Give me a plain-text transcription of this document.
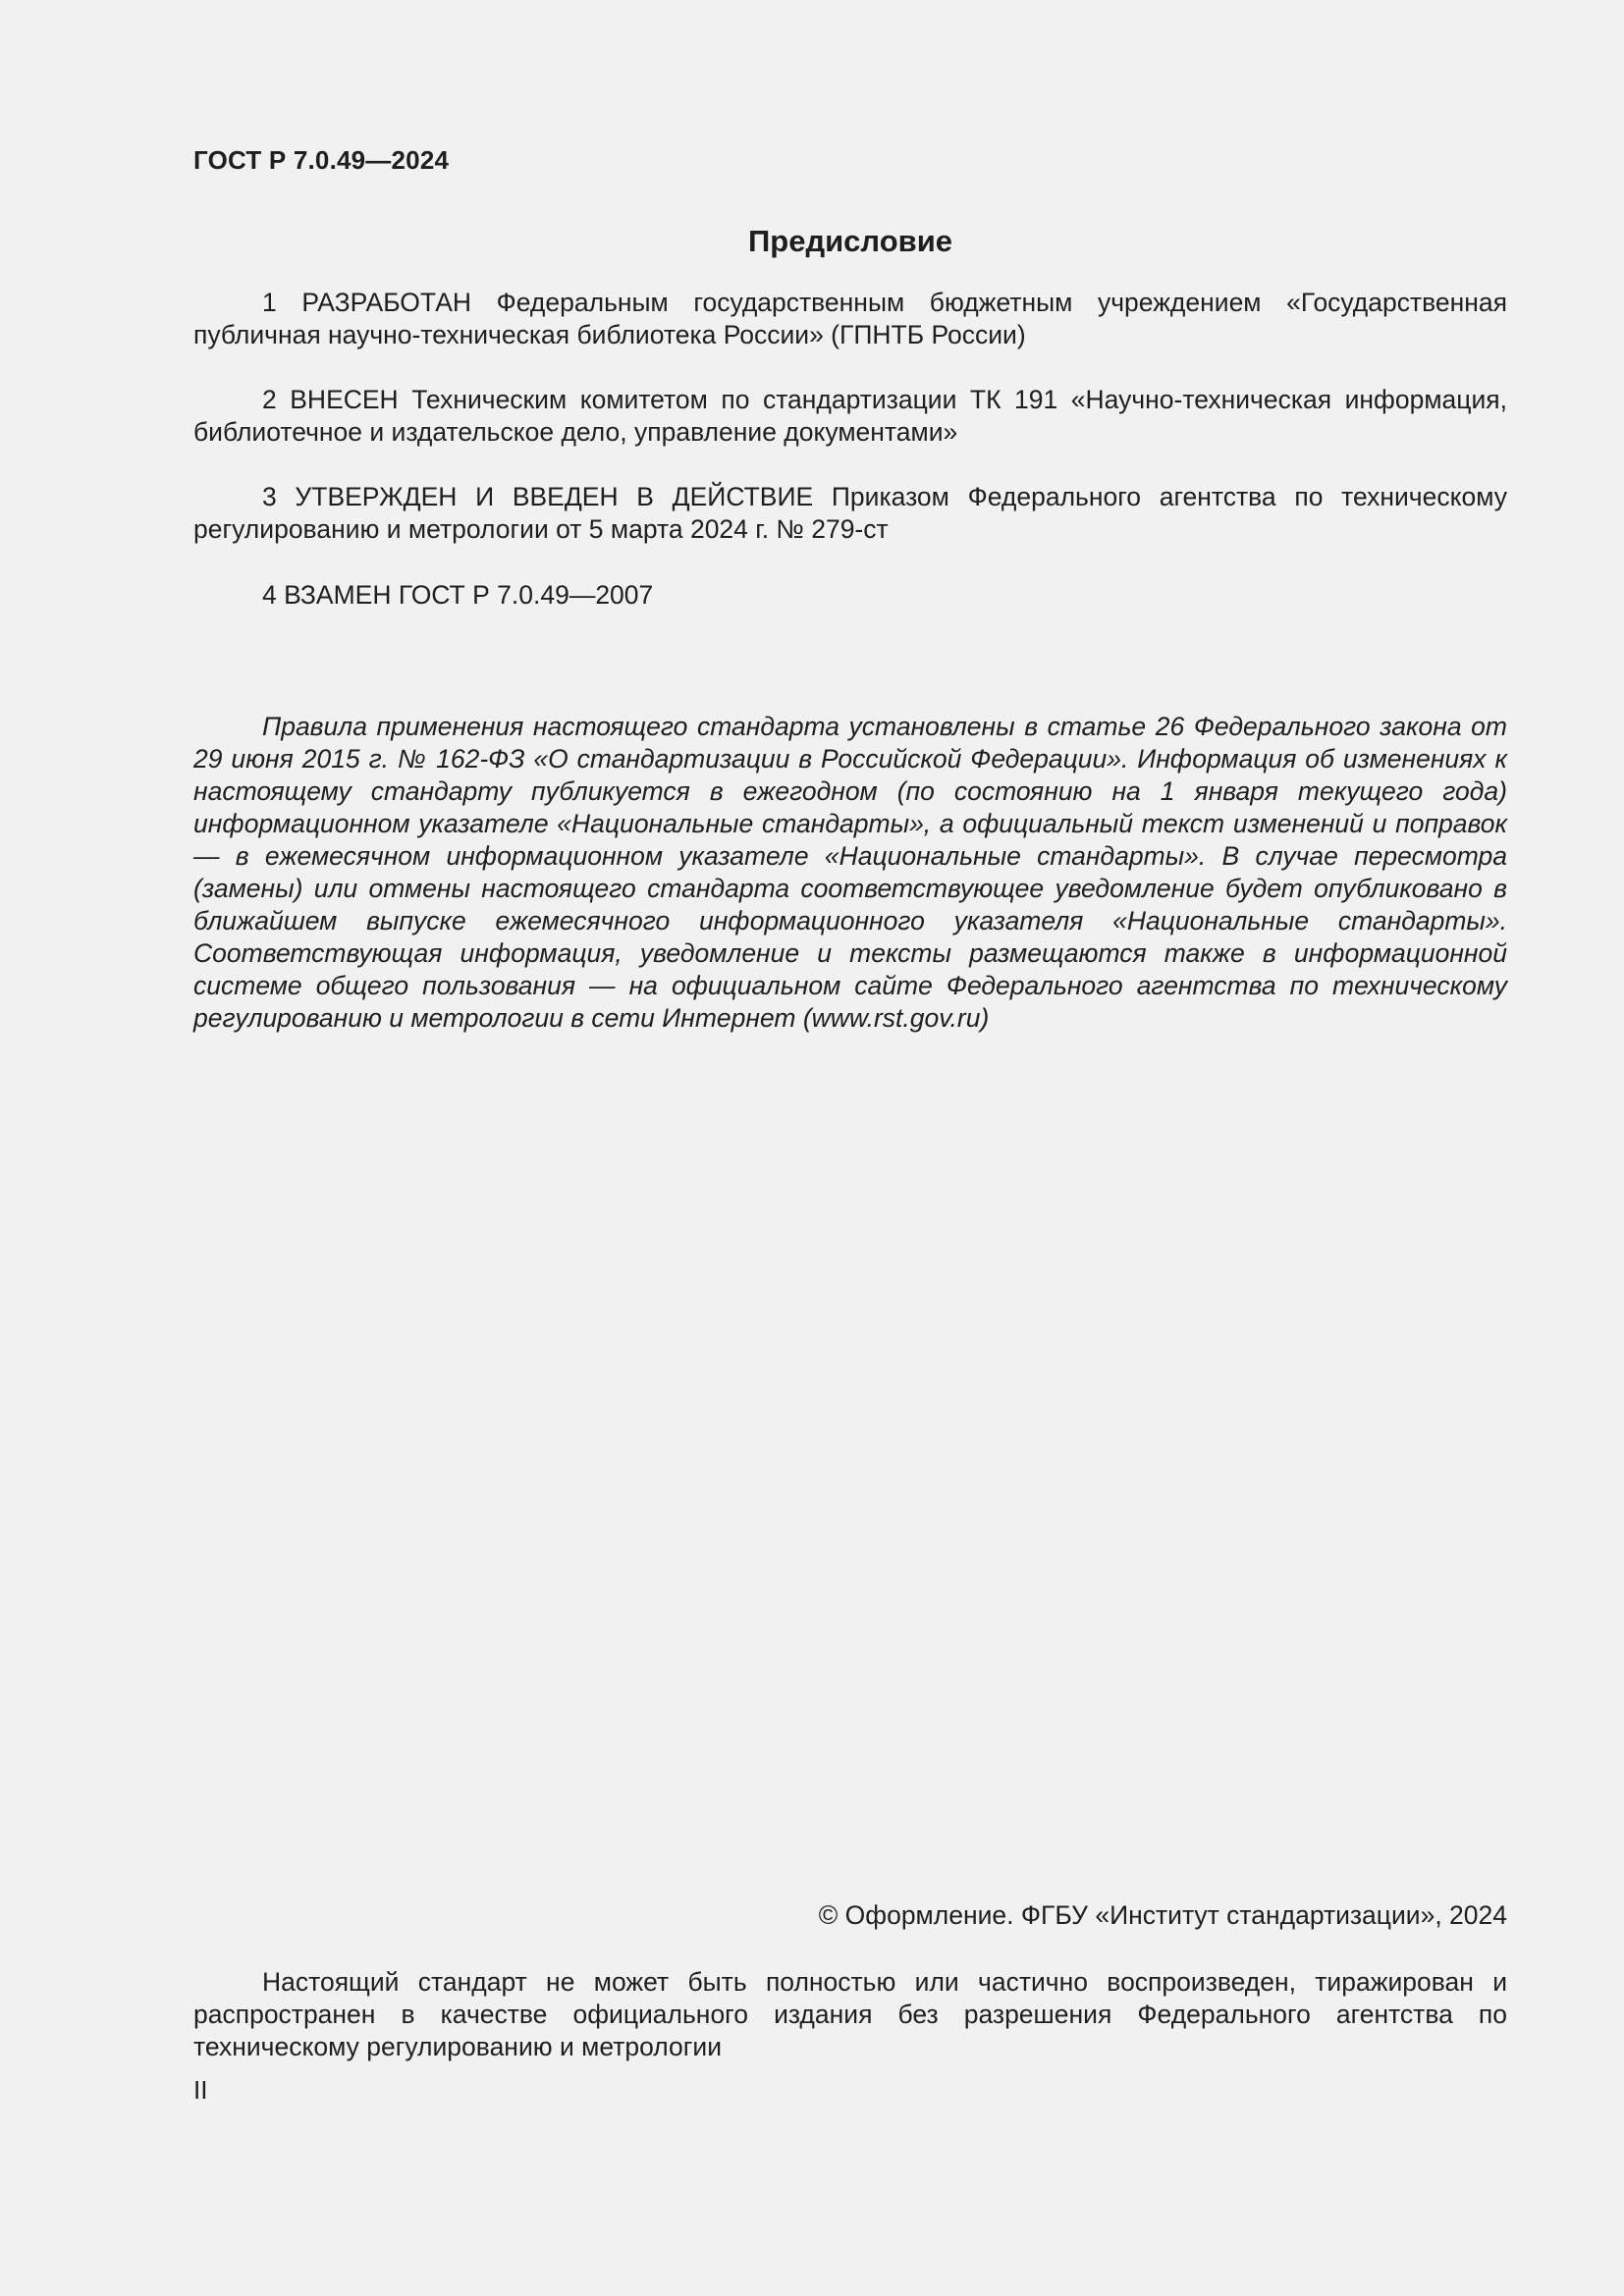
ГОСТ Р 7.0.49—2024
Предисловие

1 РАЗРАБОТАН Федеральным государственным бюджетным учреждением «Государственная публичная научно-техническая библиотека России» (ГПНТБ России)

2 ВНЕСЕН Техническим комитетом по стандартизации ТК 191 «Научно-техническая информация, библиотечное и издательское дело, управление документами»

3 УТВЕРЖДЕН И ВВЕДЕН В ДЕЙСТВИЕ Приказом Федерального агентства по техническому регулированию и метрологии от 5 марта 2024 г. № 279-ст

4 ВЗАМЕН ГОСТ Р 7.0.49—2007

Правила применения настоящего стандарта установлены в статье 26 Федерального закона от 29 июня 2015 г. № 162-ФЗ «О стандартизации в Российской Федерации». Информация об изменениях к настоящему стандарту публикуется в ежегодном (по состоянию на 1 января текущего года) информационном указателе «Национальные стандарты», а официальный текст изменений и поправок — в ежемесячном информационном указателе «Национальные стандарты». В случае пересмотра (замены) или отмены настоящего стандарта соответствующее уведомление будет опубликовано в ближайшем выпуске ежемесячного информационного указателя «Национальные стандарты». Соответствующая информация, уведомление и тексты размещаются также в информационной системе общего пользования — на официальном сайте Федерального агентства по техническому регулированию и метрологии в сети Интернет (www.rst.gov.ru)

© Оформление. ФГБУ «Институт стандартизации», 2024

Настоящий стандарт не может быть полностью или частично воспроизведен, тиражирован и распространен в качестве официального издания без разрешения Федерального агентства по техническому регулированию и метрологии

II
